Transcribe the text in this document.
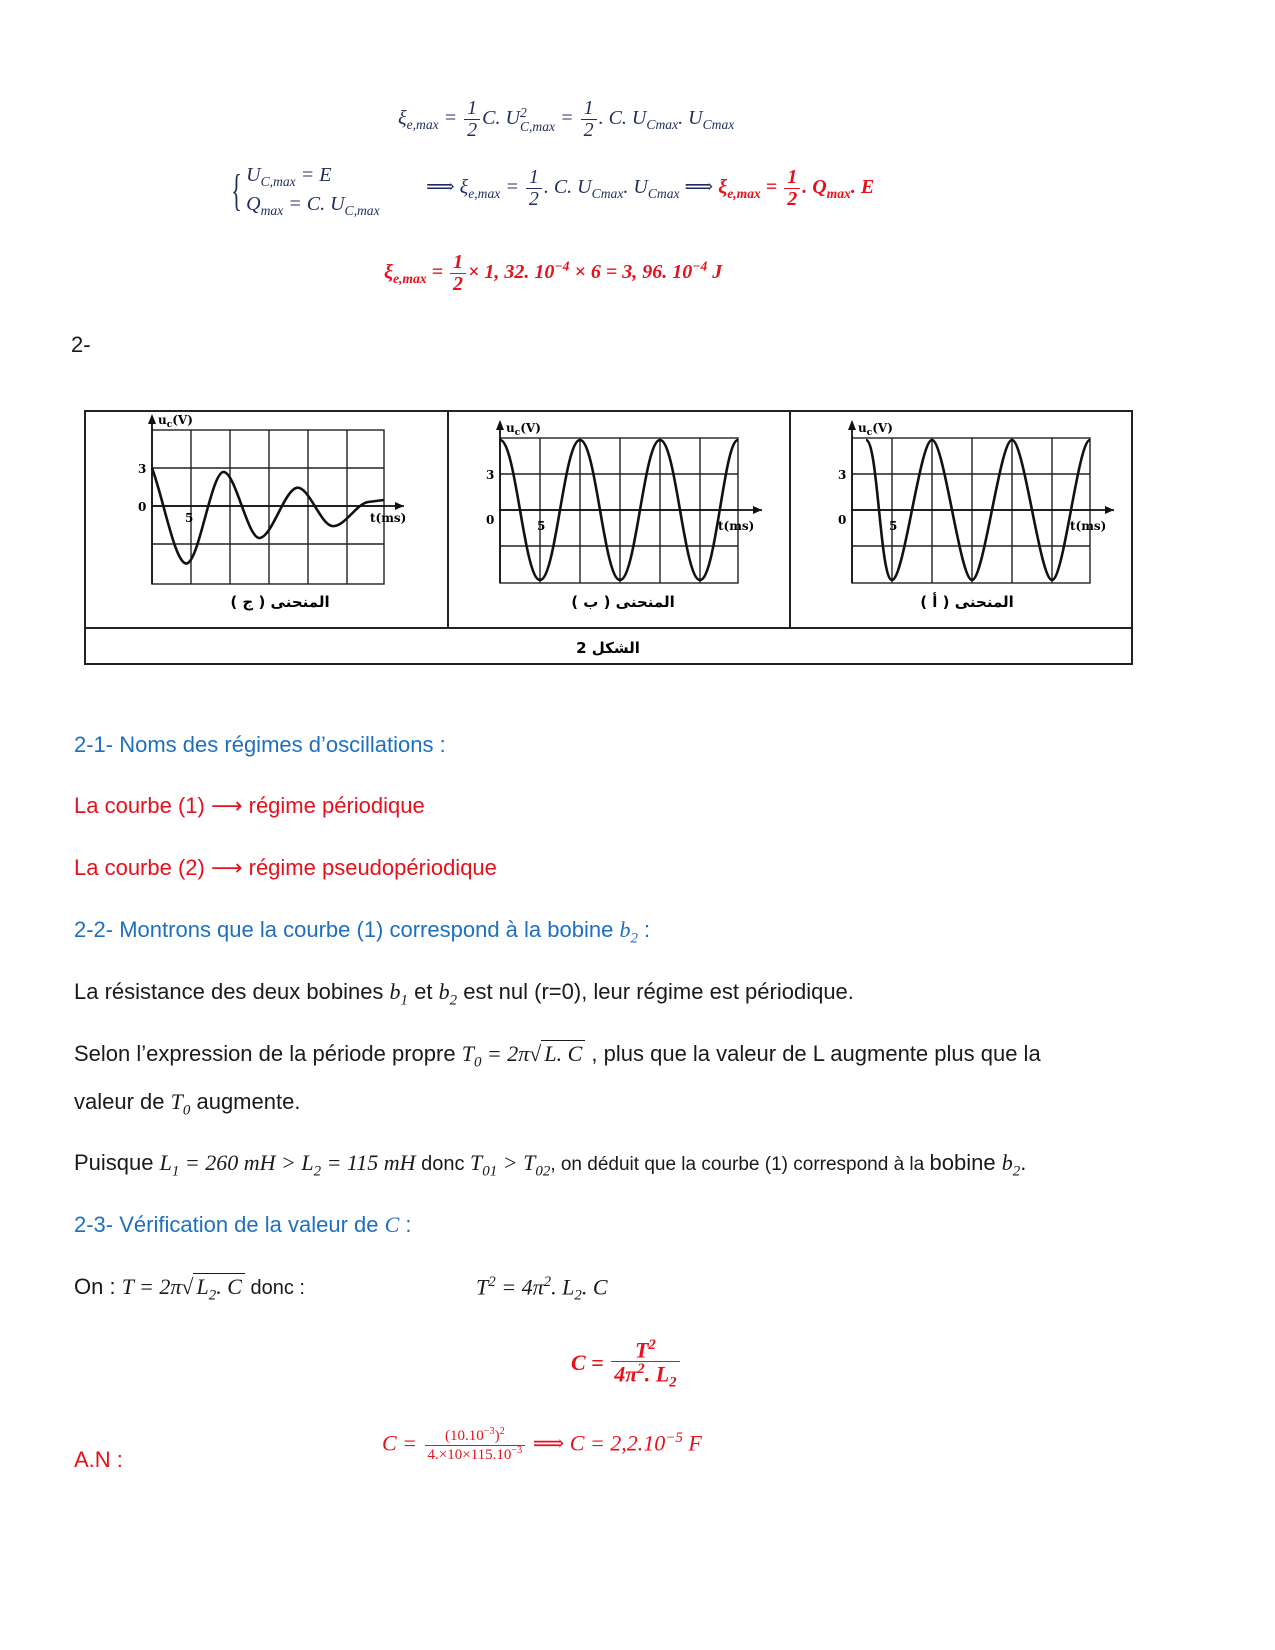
$\xi_{e,max} = \frac{1}{2} C$. U 2
$C,\max = \frac{1}{2}$ . C. $U_{Cmax}$. $U_{Cmax}$
{ $U_{C,max} = E$
$Q_{max} = C$. $U_{C,max}$
⟹ $\xi_{e,max} = \frac{1}{2}$ . C. $U_{Cmax}$. $U_{Cmax}$ ⟹ $\xi_{e,max} = \frac{1}{2}$ . $Q_{max}$. E
$\xi_{e,max} = \frac{1}{2} \times 1$, 32. $10^{-4} \times 6 = 3$, 96. $10^{-4}$ J
2-
الشكل 2
$u_c(V)$
3
0
5	t(ms)
المنحنى ( ج )
$u_c(V)$
3
0	5	t(ms)
المنحنى ( ب )
$u_c(V)$
3
0	5	t(ms)
المنحنى ( أ )
2-1- Noms des régimes d’oscillations :
La courbe (1) ⟶ régime périodique
La courbe (2) ⟶ régime pseudopériodique
2-2- Montrons que la courbe (1) correspond à la bobine $b_2$ :
La résistance des deux bobines $b_1$ et $b_2$ est nul (r=0), leur régime est périodique.
Selon l’expression de la période propre $T_0 = 2\pi√$ L. C , plus que la valeur de L augmente plus que la
valeur de $T_0$ augmente.
Puisque $L_1 = 260$ mH > $L_2 = 115$ mH donc $T_{01} > T_{02}$, on déduit que la courbe (1) correspond à la bobine $b_2$.
2-3- Vérification de la valeur de C :
On : T = 2π√ $L_2$. C donc :	$T^2 = 4\pi^2$. $L_2$. C
$C = \frac{T^2}{4\pi^2. L_2}$
A.N :
$C = \frac{(10.10^{-3})^2}{4.\times 10\times 115.10^{-3}}$ ⟹ $C = 2,2.10^{-5}$ F
